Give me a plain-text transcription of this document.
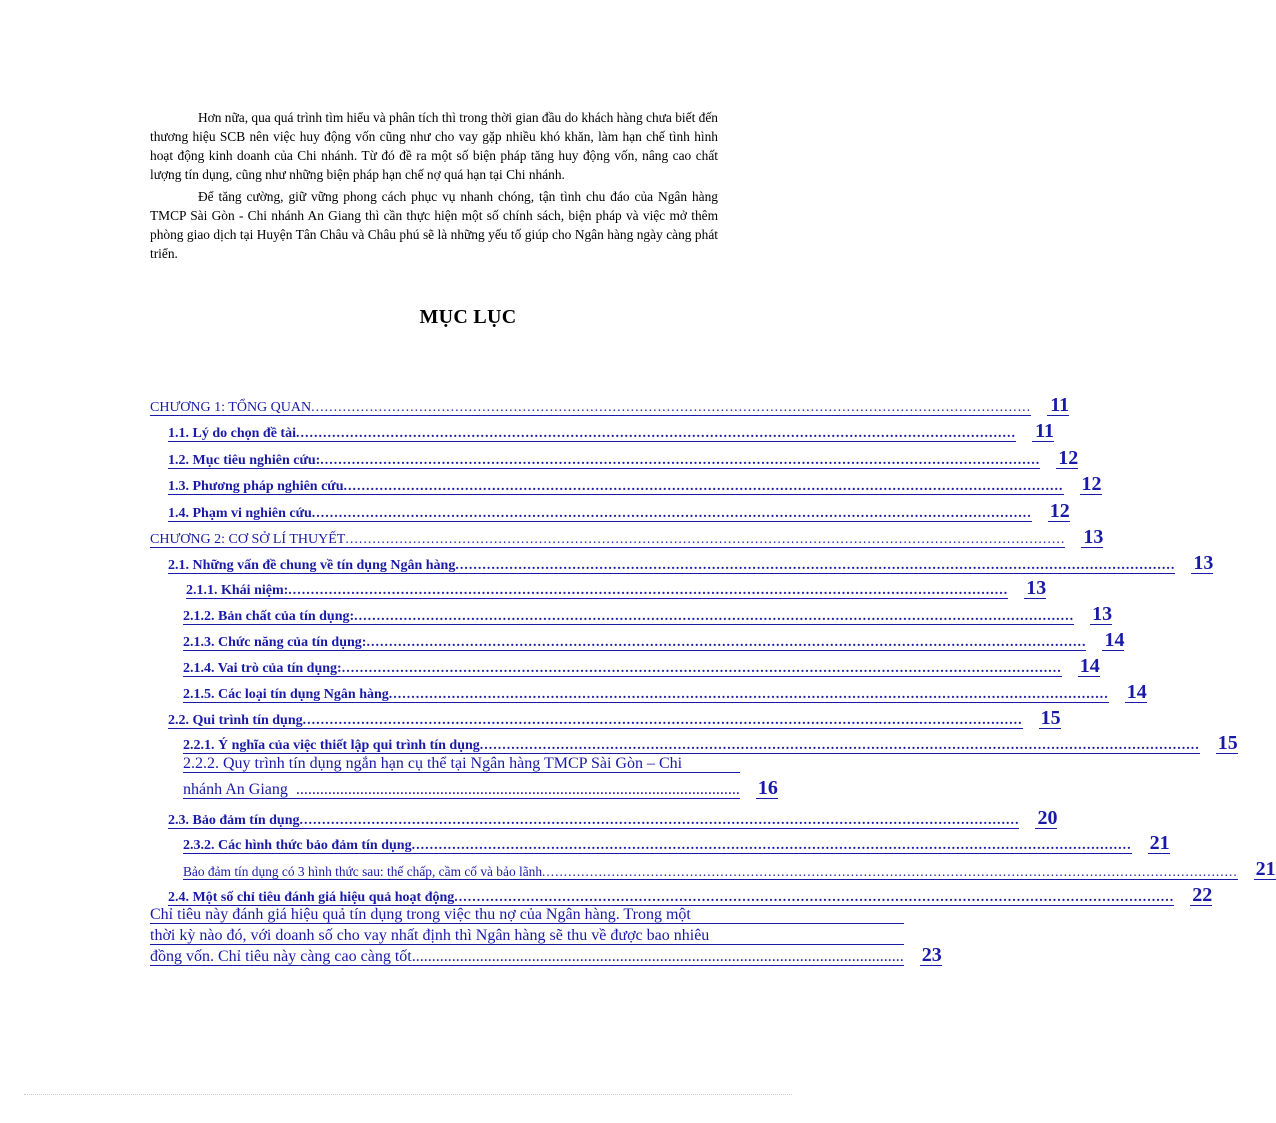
Hơn nữa, qua quá trình tìm hiểu và phân tích thì trong thời gian đầu do khách hàng chưa biết đến thương hiệu SCB nên việc huy động vốn cũng như cho vay gặp nhiều khó khăn, làm hạn chế tình hình hoạt động kinh doanh của Chi nhánh. Từ đó đề ra một số biện pháp tăng huy động vốn, nâng cao chất lượng tín dụng, cũng như những biện pháp hạn chế nợ quá hạn tại Chi nhánh.

Để tăng cường, giữ vững phong cách phục vụ nhanh chóng, tận tình chu đáo của Ngân hàng TMCP Sài Gòn - Chi nhánh An Giang thì cần thực hiện một số chính sách, biện pháp và việc mở thêm phòng giao dịch tại Huyện Tân Châu và Châu phú sẽ là những yếu tố giúp cho Ngân hàng ngày càng phát triển.

MỤC LỤC
CHƯƠNG 1: TỔNG QUAN ................................................................................................................................................................ 11
1.1. Lý do chọn đề tài ................................................................................................................................................................ 11
1.2. Mục tiêu nghiên cứu: ................................................................................................................................................................ 12
1.3. Phương pháp nghiên cứu ................................................................................................................................................................ 12
1.4. Phạm vi nghiên cứu ................................................................................................................................................................ 12
CHƯƠNG 2: CƠ SỞ LÍ THUYẾT ................................................................................................................................................................ 13
2.1. Những vấn đề chung về tín dụng Ngân hàng ................................................................................................................................................................ 13
2.1.1. Khái niệm: ................................................................................................................................................................ 13
2.1.2. Bản chất của tín dụng: ................................................................................................................................................................ 13
2.1.3. Chức năng của tín dụng: ................................................................................................................................................................ 14
2.1.4. Vai trò của tín dụng: ................................................................................................................................................................ 14
2.1.5. Các loại tín dụng Ngân hàng ................................................................................................................................................................ 14
2.2. Qui trình tín dụng ................................................................................................................................................................ 15
2.2.1. Ý nghĩa của việc thiết lập qui trình tín dụng ................................................................................................................................................................ 15
2.2.2. Quy trình tín dụng ngắn hạn cụ thể tại Ngân hàng TMCP Sài Gòn – Chi
nhánh An Giang  ............................................................................................................... 16
2.3. Bảo đảm tín dụng ................................................................................................................................................................ 20
2.3.2. Các hình thức bảo đảm tín dụng ................................................................................................................................................................ 21
Bảo đảm tín dụng có 3 hình thức sau: thế chấp, cầm cố và bảo lãnh ................................................................................................................................................................ 21
2.4. Một số chỉ tiêu đánh giá hiệu quả hoạt động ................................................................................................................................................................ 22
Chỉ tiêu này đánh giá hiệu quả tín dụng trong việc thu nợ của Ngân hàng. Trong một
thời kỳ nào đó, với doanh số cho vay nhất định thì Ngân hàng sẽ thu về được bao nhiêu
đồng vốn. Chỉ tiêu này càng cao càng tốt........................................................................................................................... 23
